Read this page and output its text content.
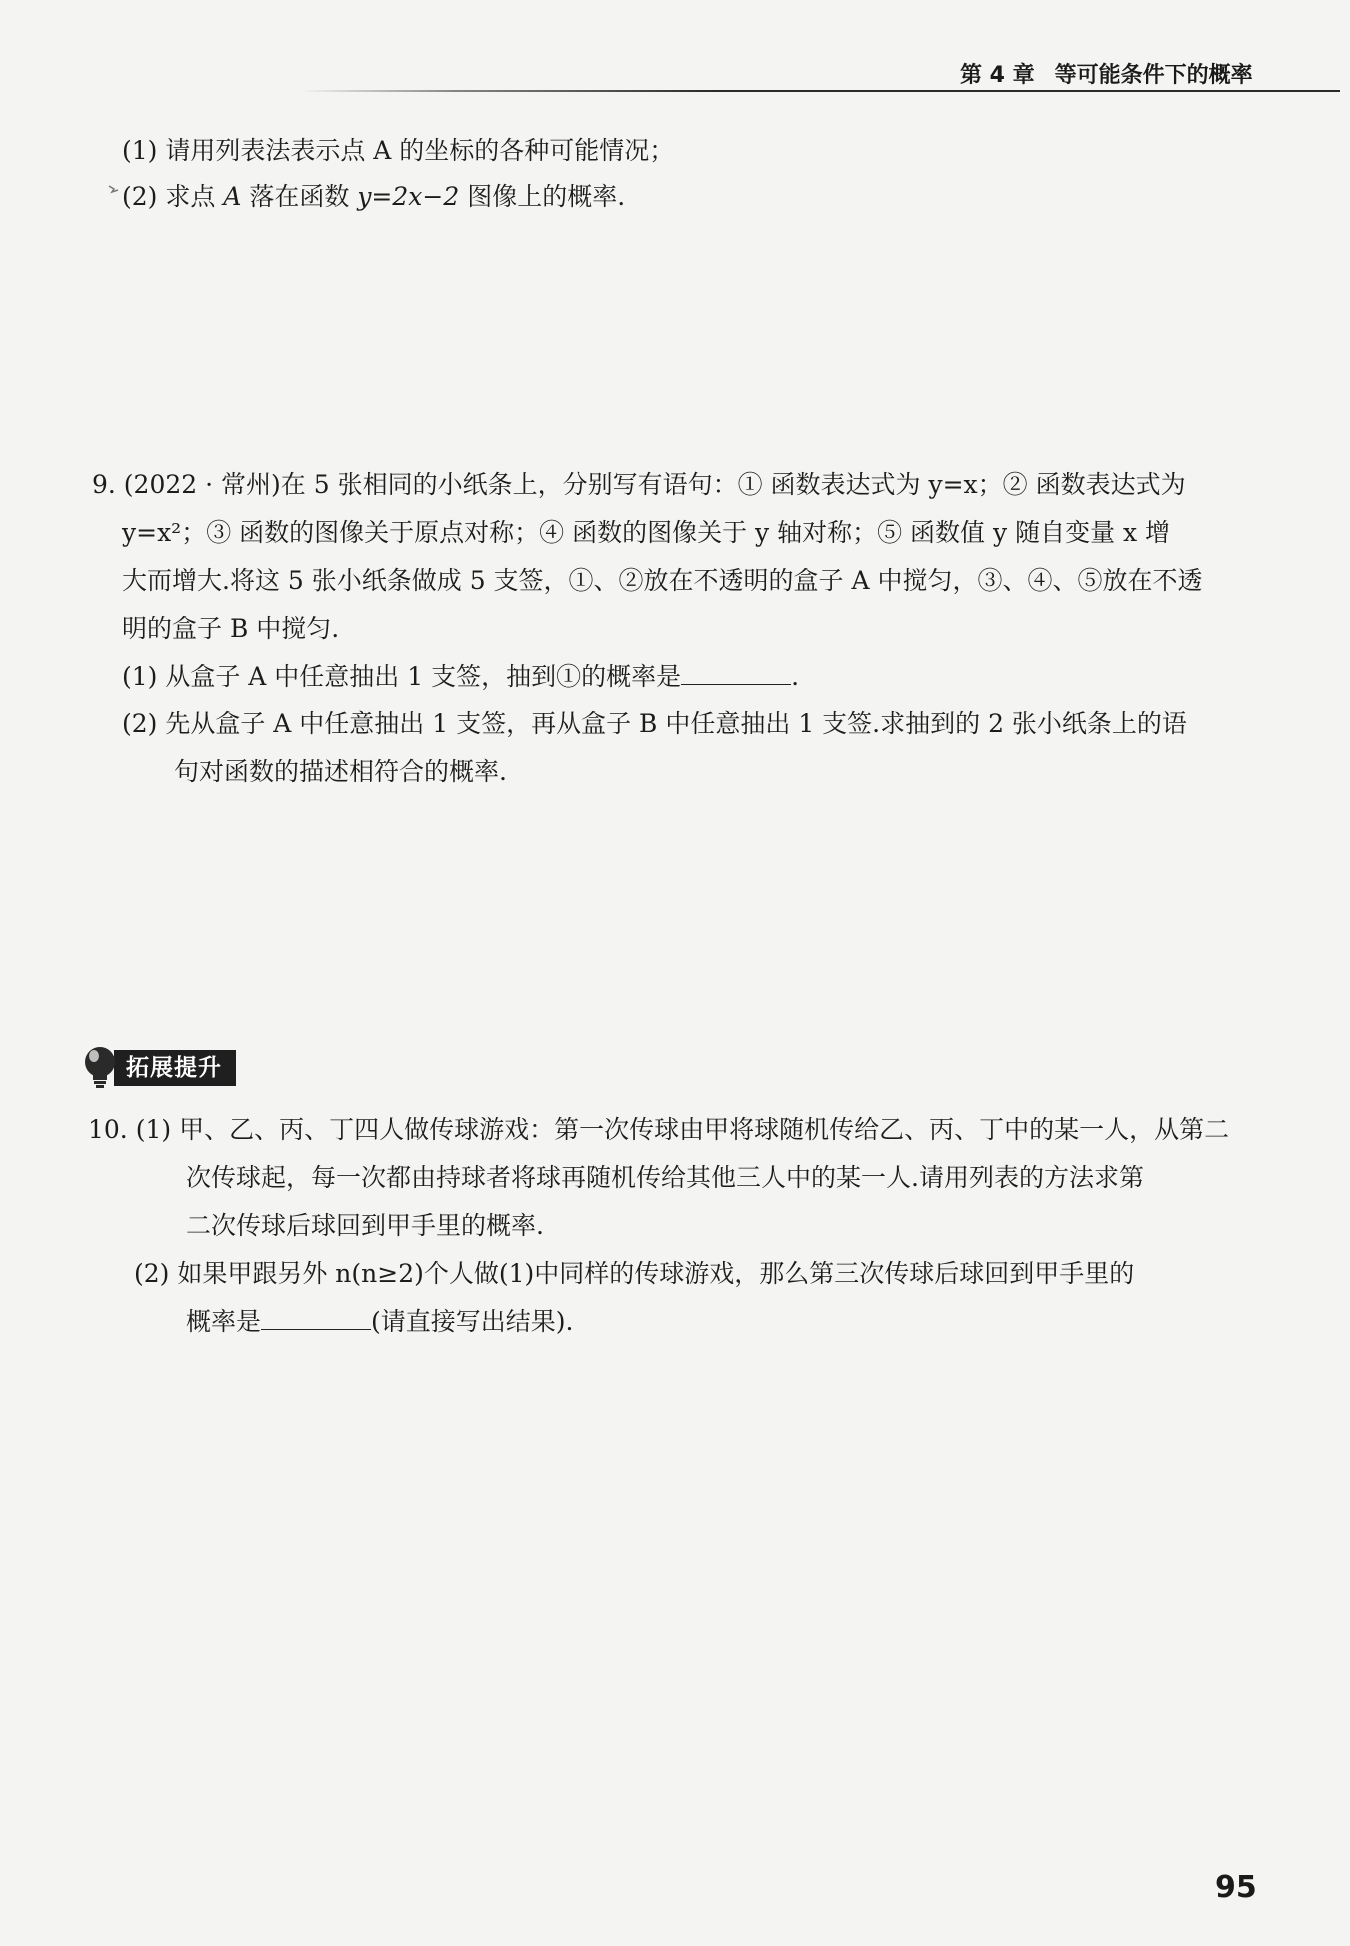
第 4 章 等可能条件下的概率
(1) 请用列表法表示点 A 的坐标的各种可能情况；
(2) 求点 A 落在函数 y=2x−2 图像上的概率.
9. (2022 · 常州)在 5 张相同的小纸条上，分别写有语句：① 函数表达式为 y=x；② 函数表达式为
y=x²；③ 函数的图像关于原点对称；④ 函数的图像关于 y 轴对称；⑤ 函数值 y 随自变量 x 增
大而增大.将这 5 张小纸条做成 5 支签，①、②放在不透明的盒子 A 中搅匀，③、④、⑤放在不透
明的盒子 B 中搅匀.
(1) 从盒子 A 中任意抽出 1 支签，抽到①的概率是	.
(2) 先从盒子 A 中任意抽出 1 支签，再从盒子 B 中任意抽出 1 支签.求抽到的 2 张小纸条上的语
句对函数的描述相符合的概率.
拓展提升
10. (1) 甲、乙、丙、丁四人做传球游戏：第一次传球由甲将球随机传给乙、丙、丁中的某一人，从第二
次传球起，每一次都由持球者将球再随机传给其他三人中的某一人.请用列表的方法求第
二次传球后球回到甲手里的概率.
(2) 如果甲跟另外 n(n≥2)个人做(1)中同样的传球游戏，那么第三次传球后球回到甲手里的
概率是	(请直接写出结果).
95
